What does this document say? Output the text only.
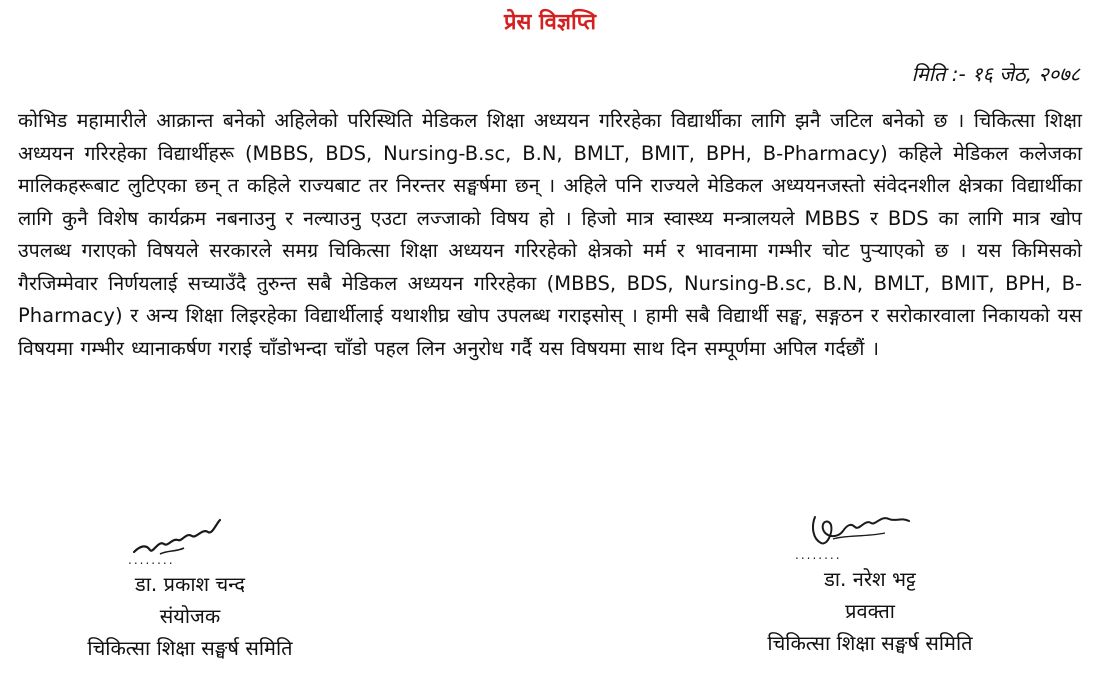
प्रेस विज्ञप्ति
मिति :- १६ जेठ, २०७८
कोभिड महामारीले आक्रान्त बनेको अहिलेको परिस्थिति मेडिकल शिक्षा अध्ययन गरिरहेका विद्यार्थीका लागि झनै जटिल बनेको छ । चिकित्सा शिक्षा अध्ययन गरिरहेका विद्यार्थीहरू (MBBS, BDS, Nursing-B.sc, B.N, BMLT, BMIT, BPH, B-Pharmacy) कहिले मेडिकल कलेजका मालिकहरूबाट लुटिएका छन् त कहिले राज्यबाट तर निरन्तर सङ्घर्षमा छन् । अहिले पनि राज्यले मेडिकल अध्ययनजस्तो संवेदनशील क्षेत्रका विद्यार्थीका लागि कुनै विशेष कार्यक्रम नबनाउनु र नल्याउनु एउटा लज्जाको विषय हो । हिजो मात्र स्वास्थ्य मन्त्रालयले MBBS र BDS का लागि मात्र खोप उपलब्ध गराएको विषयले सरकारले समग्र चिकित्सा शिक्षा अध्ययन गरिरहेको क्षेत्रको मर्म र भावनामा गम्भीर चोट पुर्‍याएको छ । यस किमिसको गैरजिम्मेवार निर्णयलाई सच्याउँदै तुरुन्त सबै मेडिकल अध्ययन गरिरहेका (MBBS, BDS, Nursing-B.sc, B.N, BMLT, BMIT, BPH, B-Pharmacy) र अन्य शिक्षा लिइरहेका विद्यार्थीलाई यथाशीघ्र खोप उपलब्ध गराइसोस् । हामी सबै विद्यार्थी सङ्घ, सङ्गठन र सरोकारवाला निकायको यस विषयमा गम्भीर ध्यानाकर्षण गराई चाँडोभन्दा चाँडो पहल लिन अनुरोध गर्दै यस विषयमा साथ दिन सम्पूर्णमा अपिल गर्दछौं ।
........
डा. प्रकाश चन्द
संयोजक
चिकित्सा शिक्षा सङ्घर्ष समिति
........
डा. नरेश भट्ट
प्रवक्ता
चिकित्सा शिक्षा सङ्घर्ष समिति
